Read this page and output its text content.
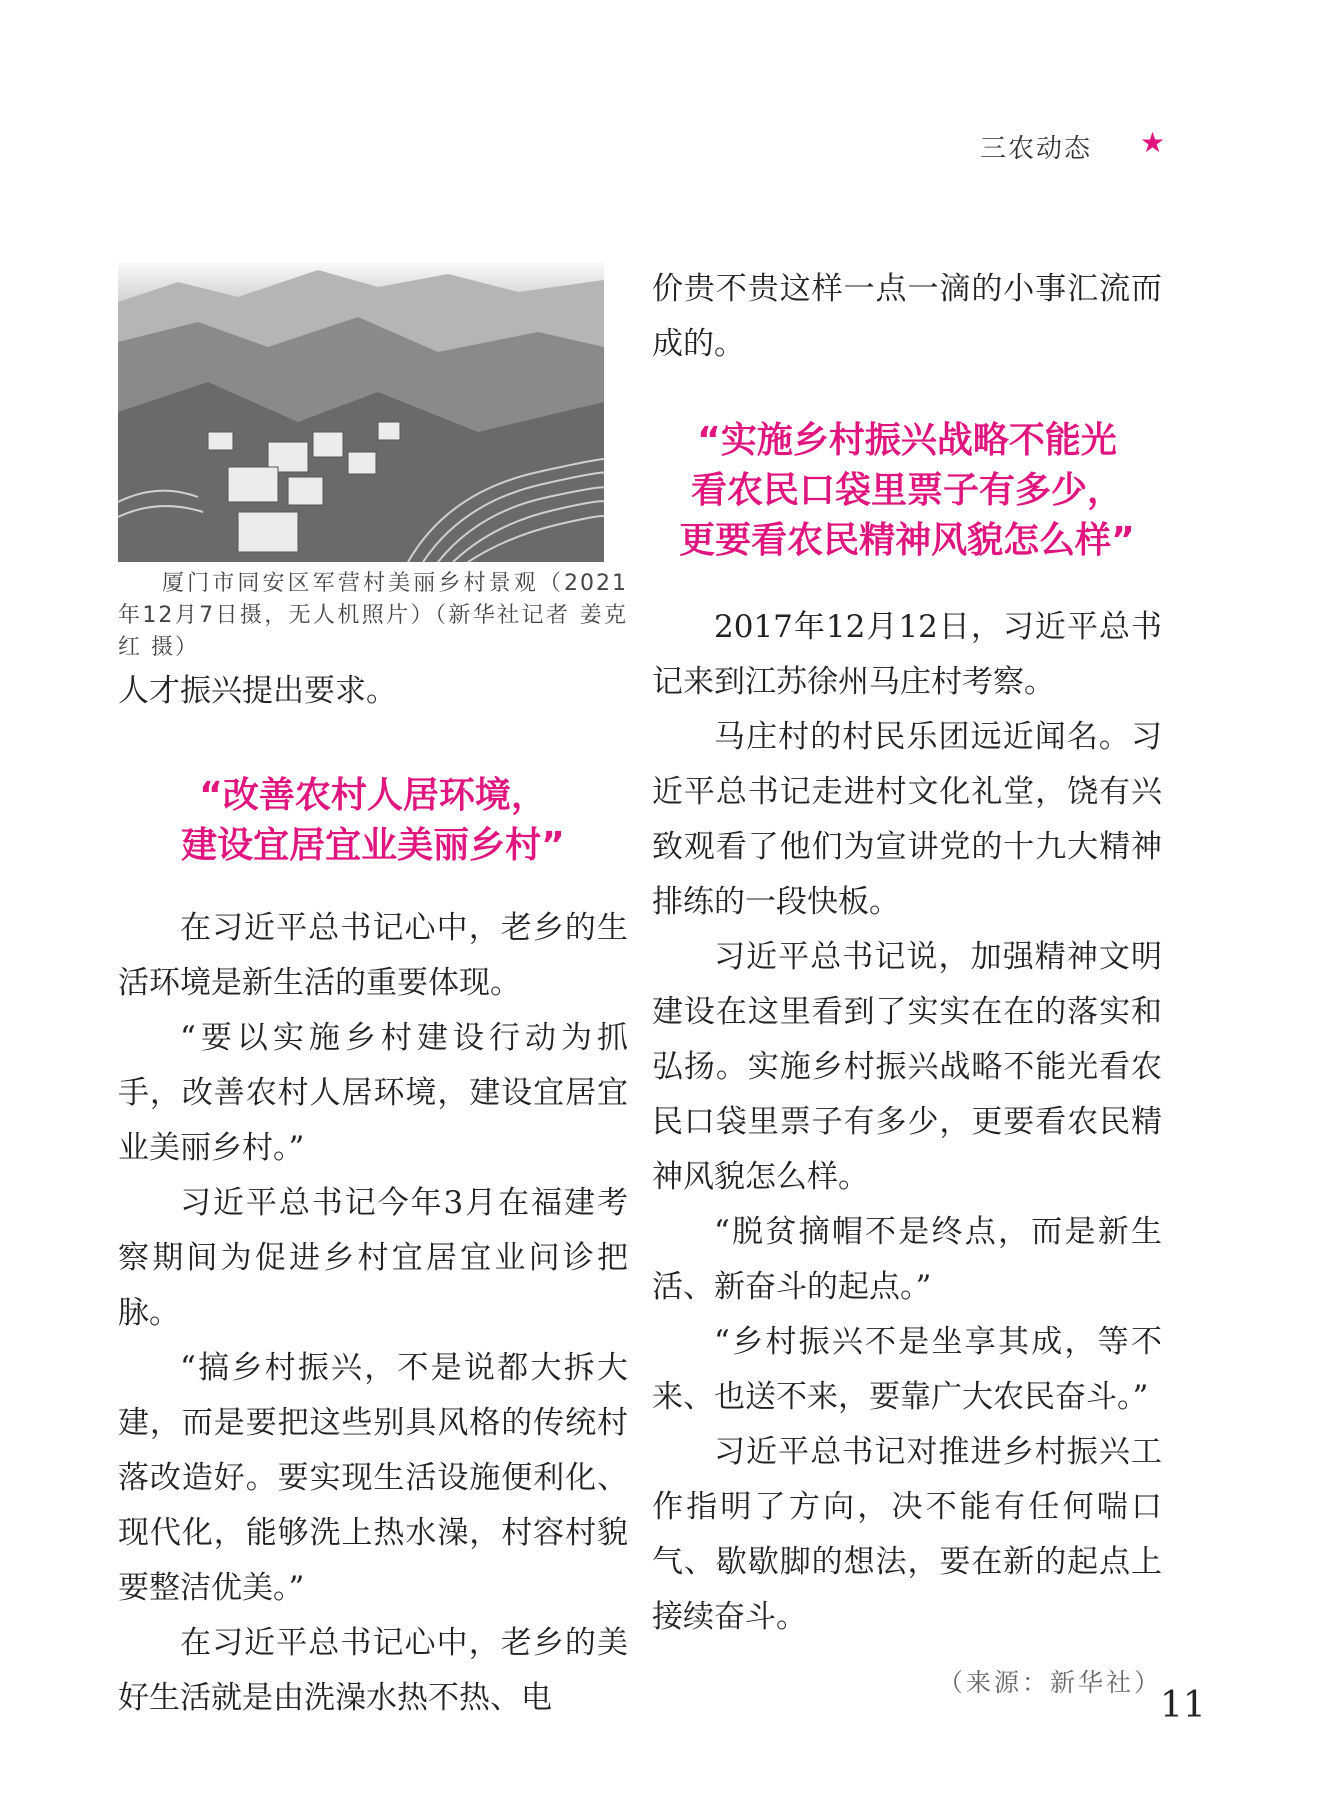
三农动态 ★
厦门市同安区军营村美丽乡村景观（2021年12月7日摄，无人机照片）（新华社记者 姜克红 摄）

人才振兴提出要求。

“改善农村人居环境，
建设宜居宜业美丽乡村”

在习近平总书记心中，老乡的生活环境是新生活的重要体现。

“要以实施乡村建设行动为抓手，改善农村人居环境，建设宜居宜业美丽乡村。”

习近平总书记今年3月在福建考察期间为促进乡村宜居宜业问诊把脉。

“搞乡村振兴，不是说都大拆大建，而是要把这些别具风格的传统村落改造好。要实现生活设施便利化、现代化，能够洗上热水澡，村容村貌要整洁优美。”

在习近平总书记心中，老乡的美好生活就是由洗澡水热不热、电

价贵不贵这样一点一滴的小事汇流而成的。

“实施乡村振兴战略不能光
看农民口袋里票子有多少，
更要看农民精神风貌怎么样”

2017年12月12日，习近平总书记来到江苏徐州马庄村考察。

马庄村的村民乐团远近闻名。习近平总书记走进村文化礼堂，饶有兴致观看了他们为宣讲党的十九大精神排练的一段快板。

习近平总书记说，加强精神文明建设在这里看到了实实在在的落实和弘扬。实施乡村振兴战略不能光看农民口袋里票子有多少，更要看农民精神风貌怎么样。

“脱贫摘帽不是终点，而是新生活、新奋斗的起点。”

“乡村振兴不是坐享其成，等不来、也送不来，要靠广大农民奋斗。”

习近平总书记对推进乡村振兴工作指明了方向，决不能有任何喘口气、歇歇脚的想法，要在新的起点上接续奋斗。

（来源：新华社）
11
